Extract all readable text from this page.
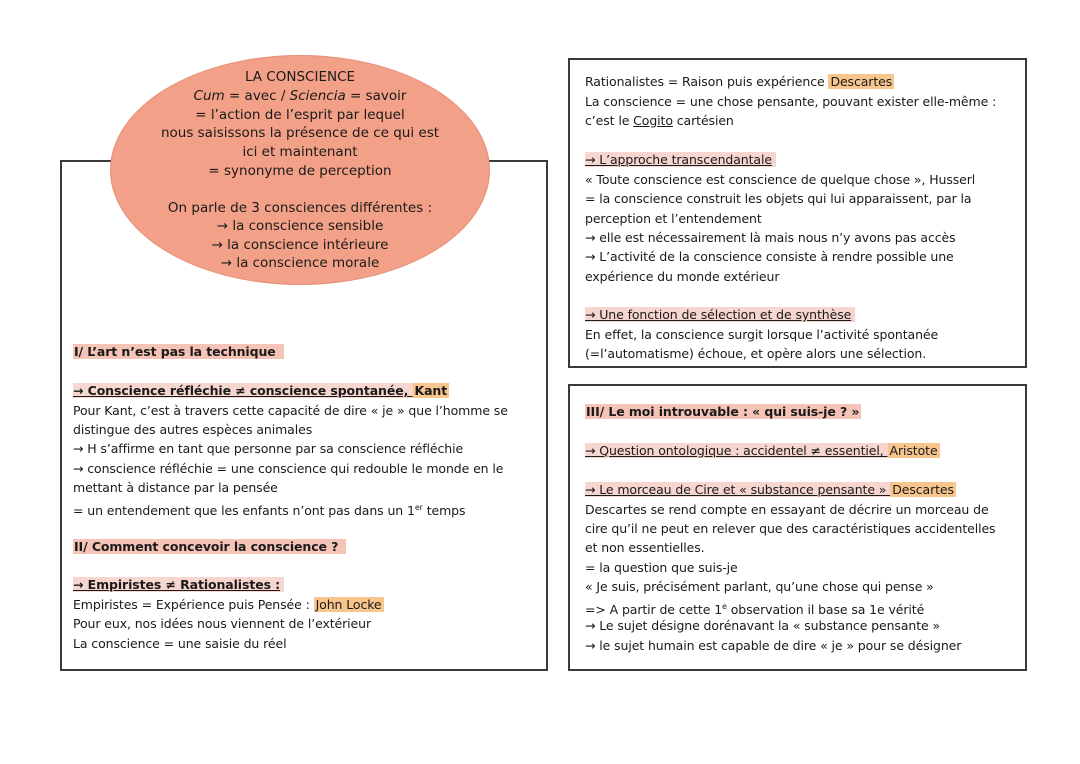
LA CONSCIENCE
Cum = avec / Sciencia = savoir
= l’action de l’esprit par lequel
nous saisissons la présence de ce qui est
ici et maintenant
= synonyme de perception
On parle de 3 consciences différentes :
→ la conscience sensible
→ la conscience intérieure
→ la conscience morale
I/ L’art n’est pas la technique
→ Conscience réfléchie ≠ conscience spontanée, Kant
Pour Kant, c’est à travers cette capacité de dire « je » que l’homme se
distingue des autres espèces animales
→ H s’affirme en tant que personne par sa conscience réfléchie
→ conscience réfléchie = une conscience qui redouble le monde en le
mettant à distance par la pensée
= un entendement que les enfants n’ont pas dans un 1er temps
II/ Comment concevoir la conscience ?
→ Empiristes ≠ Rationalistes :
Empiristes = Expérience puis Pensée : John Locke
Pour eux, nos idées nous viennent de l’extérieur
La conscience = une saisie du réel
Rationalistes = Raison puis expérience Descartes
La conscience = une chose pensante, pouvant exister elle-même :
c’est le Cogito cartésien
→ L’approche transcendantale
« Toute conscience est conscience de quelque chose », Husserl
= la conscience construit les objets qui lui apparaissent, par la
perception et l’entendement
→ elle est nécessairement là mais nous n’y avons pas accès
→ L’activité de la conscience consiste à rendre possible une
expérience du monde extérieur
→ Une fonction de sélection et de synthèse
En effet, la conscience surgit lorsque l’activité spontanée
(=l’automatisme) échoue, et opère alors une sélection.
III/ Le moi introuvable : « qui suis-je ? »
→ Question ontologique : accidentel ≠ essentiel, Aristote
→ Le morceau de Cire et « substance pensante » Descartes
Descartes se rend compte en essayant de décrire un morceau de
cire qu’il ne peut en relever que des caractéristiques accidentelles
et non essentielles.
= la question que suis-je
« Je suis, précisément parlant, qu’une chose qui pense »
=> A partir de cette 1e observation il base sa 1e vérité
→ Le sujet désigne dorénavant la « substance pensante »
→ le sujet humain est capable de dire « je » pour se désigner
